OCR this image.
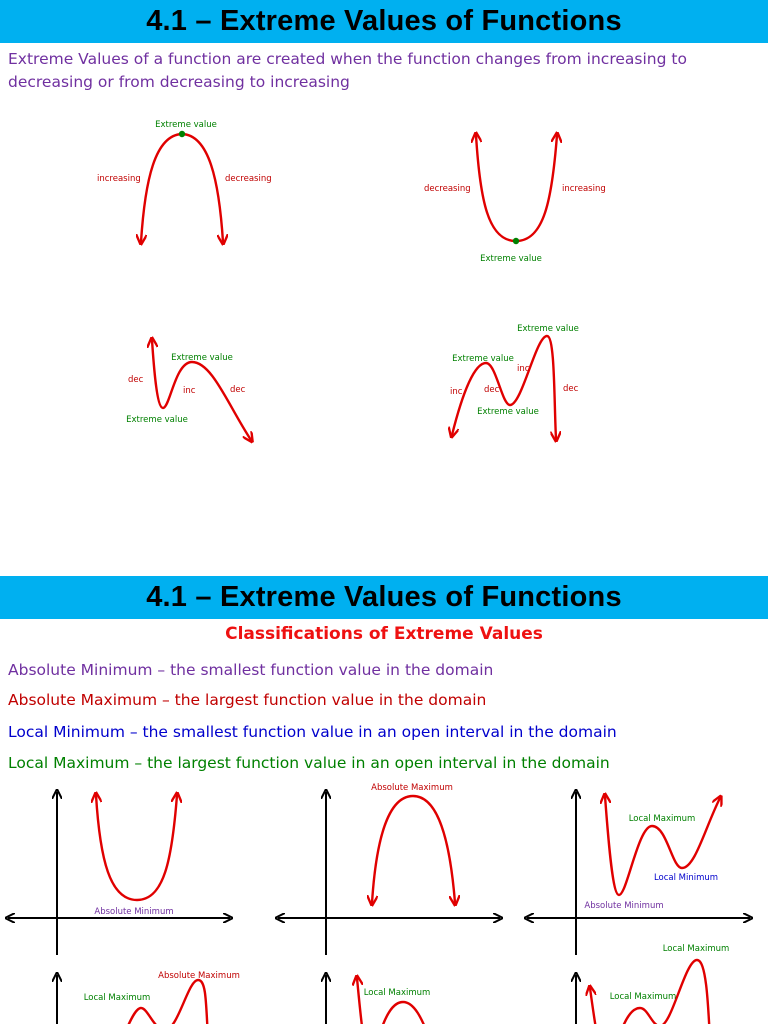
4.1 – Extreme Values of Functions

Extreme Values of a function are created when the function changes from increasing to decreasing or from decreasing to increasing

4.1 – Extreme Values of Functions

Classifications of Extreme Values

Absolute Minimum – the smallest function value in the domain

Absolute Maximum – the largest function value in the domain

Local Minimum – the smallest function value in an open interval in the domain

Local Maximum – the largest function value in an open interval in the domain

Extreme value
increasing	decreasing
decreasing	increasing
Extreme value
Extreme value
Extreme value
dec
inc	dec
Extreme value
Extreme value
Extreme value
inc	dec
inc
dec
Absolute Minimum
Absolute Maximum
Local Maximum
Local Minimum
Absolute Minimum
Absolute Maximum
Local Maximum	Local Maximum
Local Maximum
Local Maximum
